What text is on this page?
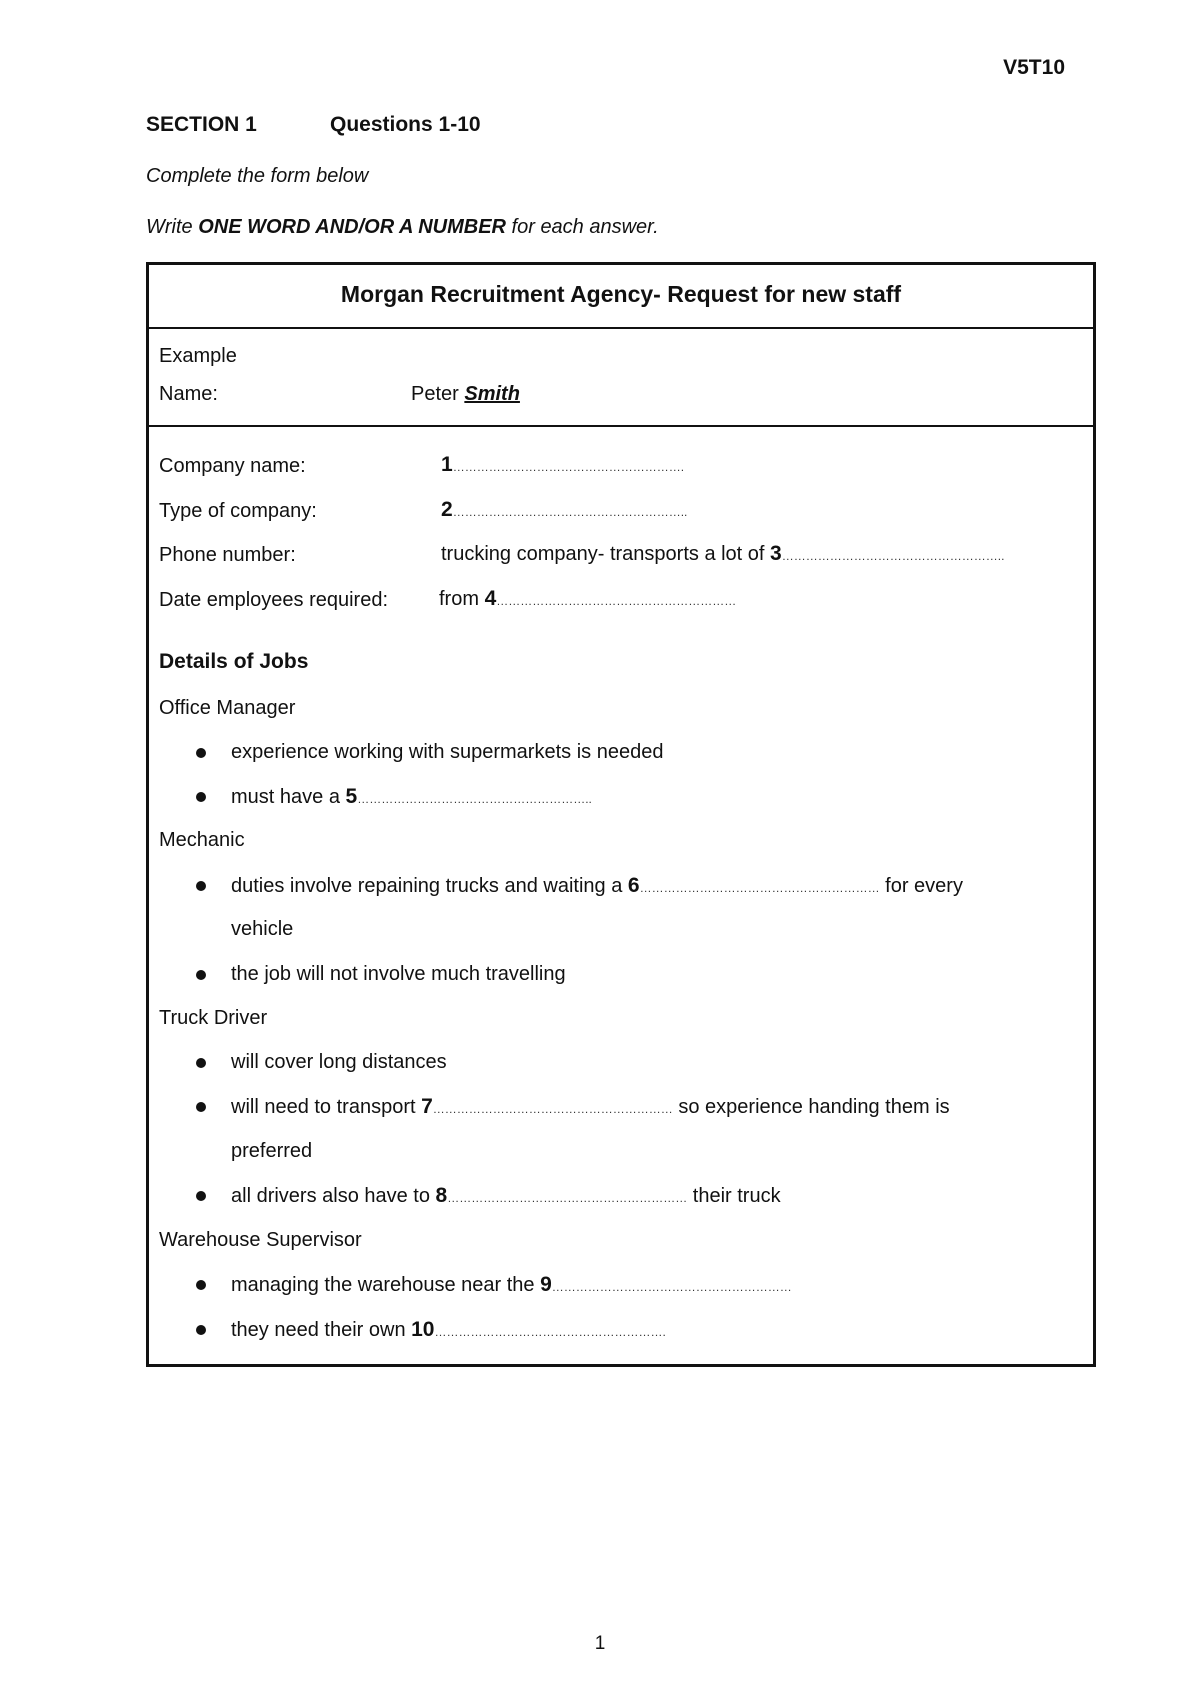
V5T10
SECTION 1	Questions 1-10
Complete the form below
Write ONE WORD AND/OR A NUMBER for each answer.
Morgan Recruitment Agency- Request for new staff
Example
Name:	Peter Smith
Company name:	1………………………………………………….
Type of company:	2…………………………………………………..
Phone number:	trucking company- transports a lot of 3………………………………………………..
Date employees required:	from 4……………………………………………………
Details of Jobs
Office Manager
experience working with supermarkets is needed
must have a 5…………………………………………………..
Mechanic
duties involve repaining trucks and waiting a 6…………………………………………………… for every
vehicle
the job will not involve much travelling
Truck Driver
will cover long distances
will need to transport 7…………………………………………………… so experience handing them is
preferred
all drivers also have to 8…………………………………………………… their truck
Warehouse Supervisor
managing the warehouse near the 9……………………………………………………
they need their own 10………………………………………………….
1
